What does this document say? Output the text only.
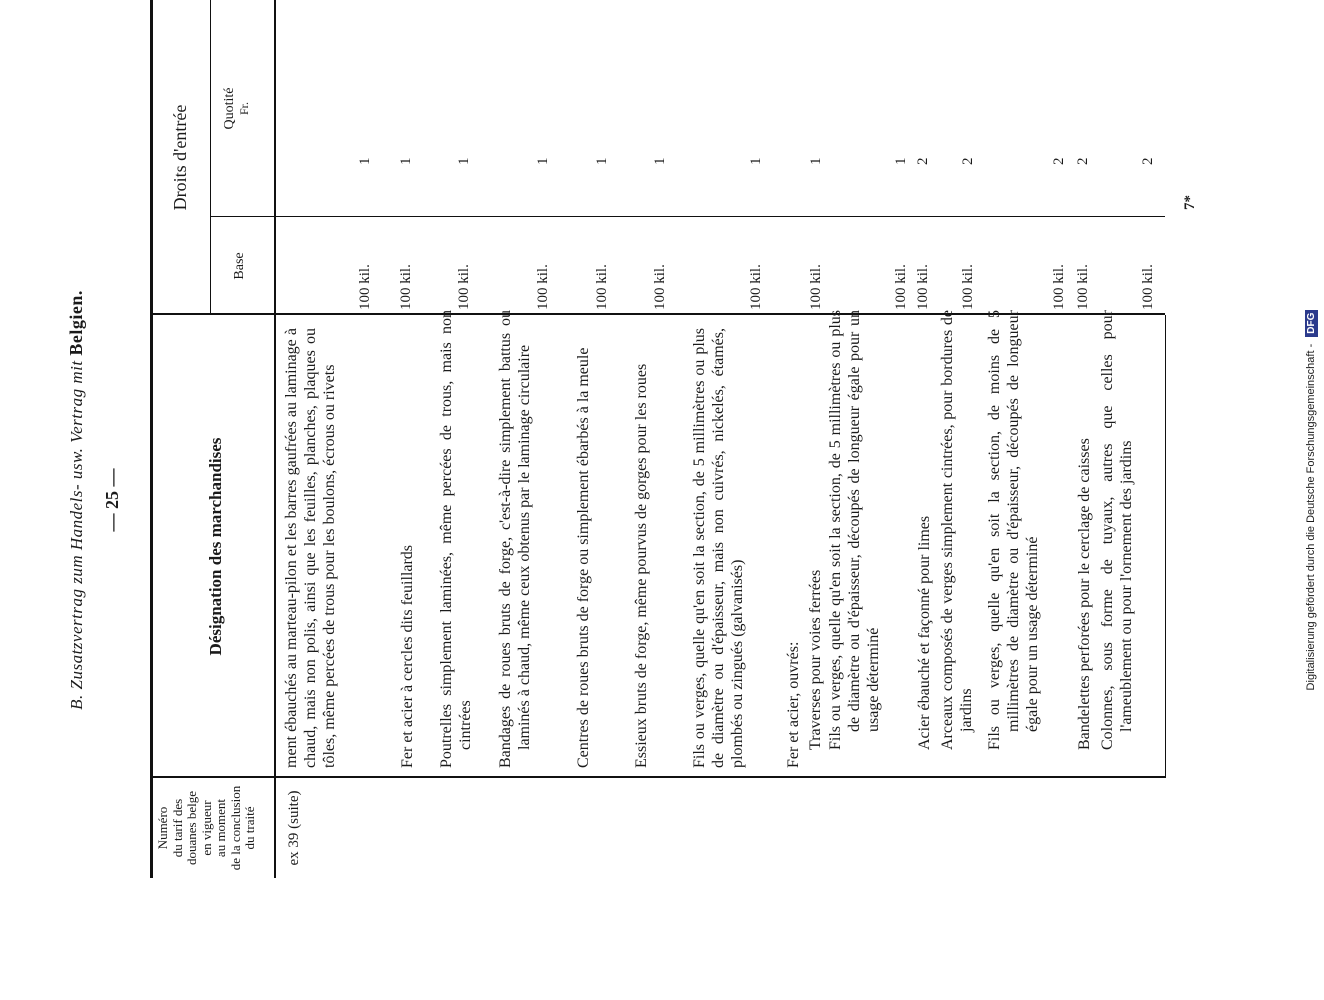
B. Zusatzvertrag zum Handels- usw. Vertrag mit Belgien.
— 25 —
Numéro du tarif des douanes belge en vigueur au moment de la conclusion du traité
Désignation des marchandises
Droits d'entrée
Base
Quotité Fr.
ex 39 (suite)
ment ébauchés au marteau-pilon et les barres gaufrées au laminage à chaud, mais non polis, ainsi que les feuilles, planches, plaques ou tôles, même percées de trous pour les boulons, écrous ou rivets
100 kil.
1
Fer et acier à cercles dits feuillards
100 kil.
1
Poutrelles simplement laminées, même percées de trous, mais non cintrées
100 kil.
1
Bandages de roues bruts de forge, c'est-à-dire simplement battus ou laminés à chaud, même ceux obtenus par le laminage circulaire
100 kil.
1
Centres de roues bruts de forge ou simplement ébarbés à la meule
100 kil.
1
Essieux bruts de forge, même pourvus de gorges pour les roues
100 kil.
1
Fils ou verges, quelle qu'en soit la section, de 5 millimètres ou plus de diamètre ou d'épaisseur, mais non cuivrés, nickelés, étamés, plombés ou zingués (galvanisés)
100 kil.
1
Fer et acier, ouvrés: Traverses pour voies ferrées
100 kil.
1
Fils ou verges, quelle qu'en soit la section, de 5 millimètres ou plus de diamètre ou d'épaisseur, découpés de longueur égale pour un usage déterminé
100 kil.
1
Acier ébauché et façonné pour limes
100 kil.
2
Arceaux composés de verges simplement cintrées, pour bordures de jardins
100 kil.
2
Fils ou verges, quelle qu'en soit la section, de moins de 5 millimètres de diamètre ou d'épaisseur, découpés de longueur égale pour un usage déterminé
100 kil.
2
Bandelettes perforées pour le cerclage de caisses
100 kil.
2
Colonnes, sous forme de tuyaux, autres que celles pour l'ameublement ou pour l'ornement des jardins
100 kil.
2
7*
Digitalisierung gefördert durch die Deutsche Forschungsgemeinschaft - DFG
